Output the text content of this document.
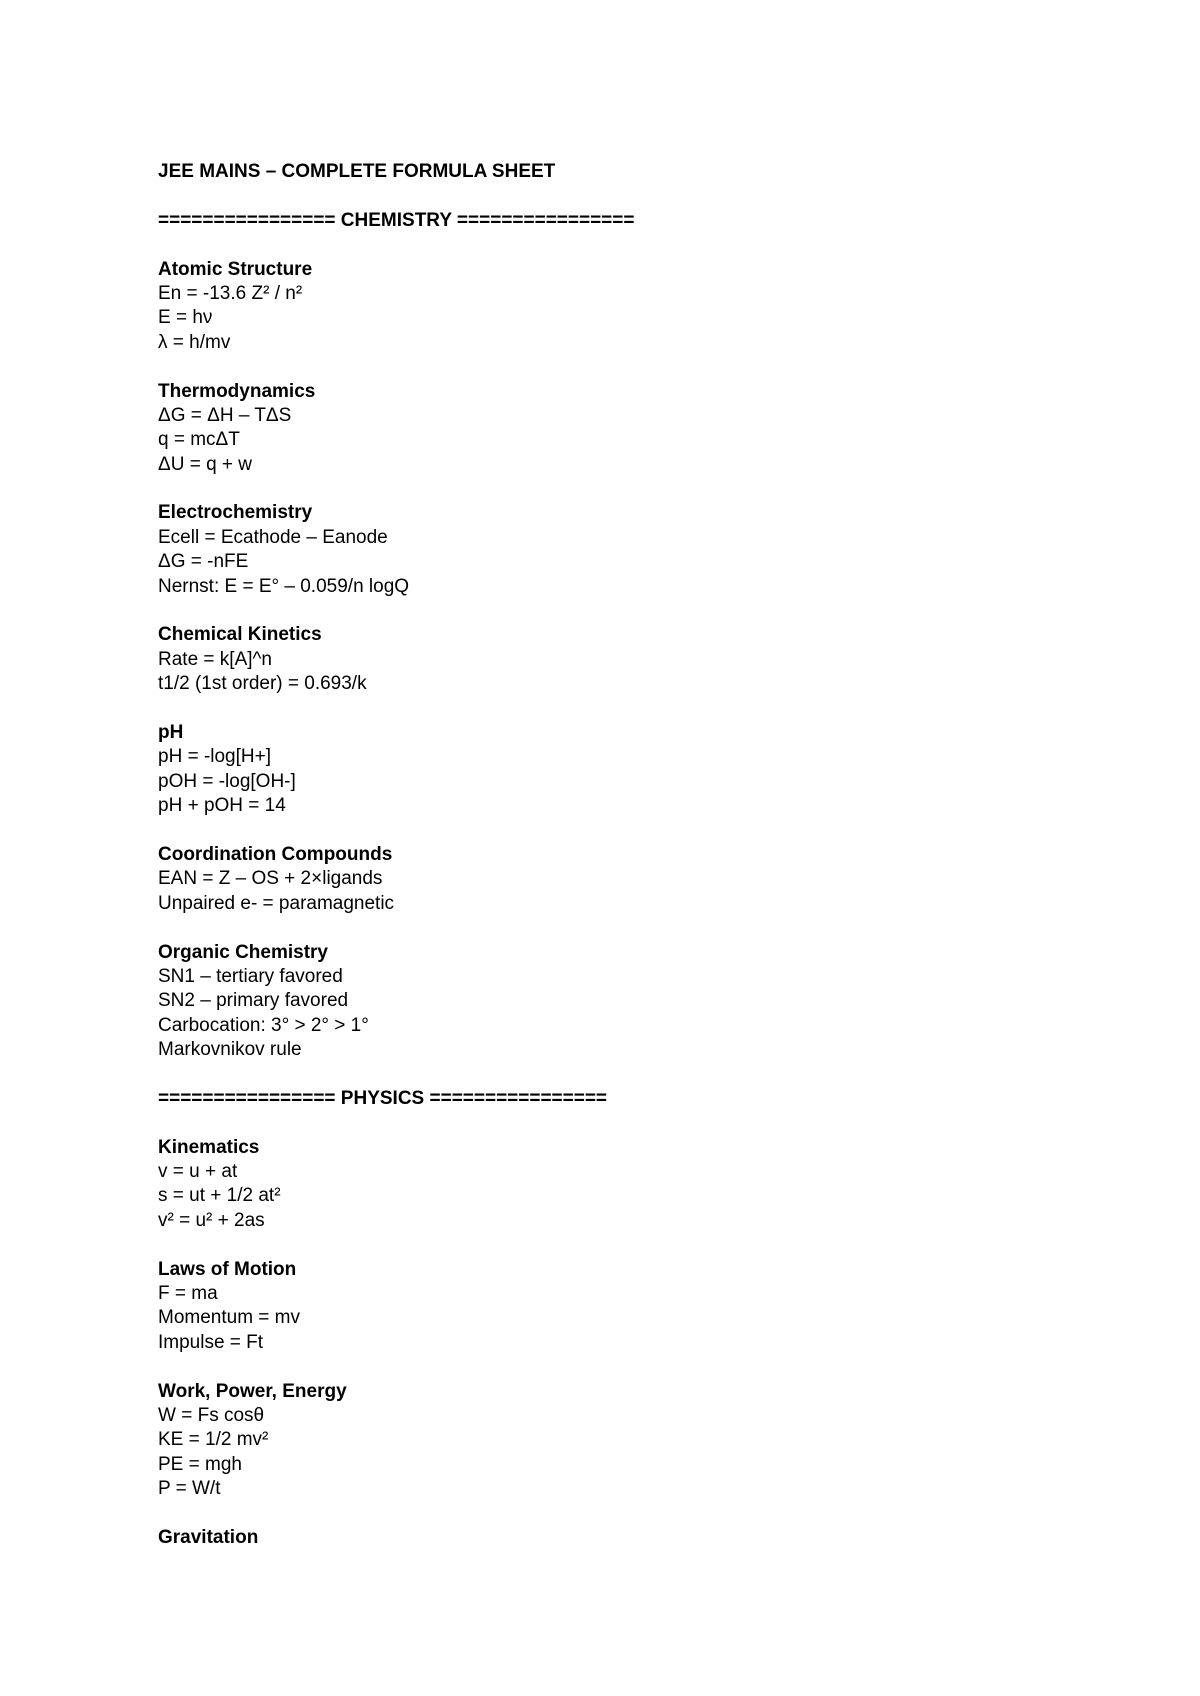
JEE MAINS – COMPLETE FORMULA SHEET
================ CHEMISTRY ================
Atomic Structure
En = -13.6 Z² / n²
E = hν
λ = h/mv
Thermodynamics
ΔG = ΔH – TΔS
q = mcΔT
ΔU = q + w
Electrochemistry
Ecell = Ecathode – Eanode
ΔG = -nFE
Nernst: E = E° – 0.059/n logQ
Chemical Kinetics
Rate = k[A]^n
t1/2 (1st order) = 0.693/k
pH
pH = -log[H+]
pOH = -log[OH-]
pH + pOH = 14
Coordination Compounds
EAN = Z – OS + 2×ligands
Unpaired e- = paramagnetic
Organic Chemistry
SN1 – tertiary favored
SN2 – primary favored
Carbocation: 3° > 2° > 1°
Markovnikov rule
================ PHYSICS ================
Kinematics
v = u + at
s = ut + 1/2 at²
v² = u² + 2as
Laws of Motion
F = ma
Momentum = mv
Impulse = Ft
Work, Power, Energy
W = Fs cosθ
KE = 1/2 mv²
PE = mgh
P = W/t
Gravitation
